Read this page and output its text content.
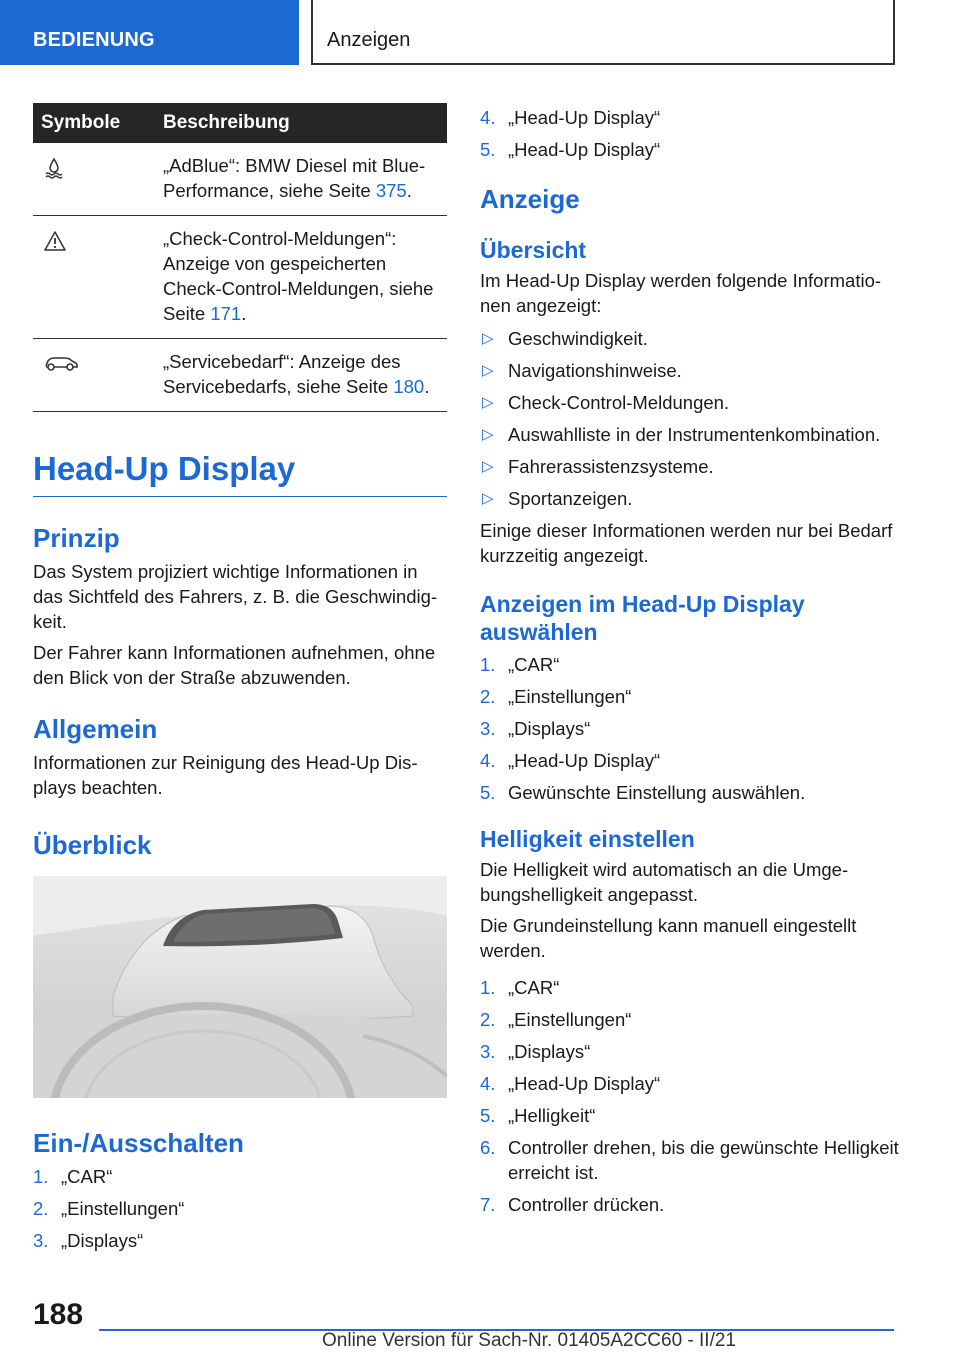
BEDIENUNG	Anzeigen
Symbole	Beschreibung
	„AdBlue“: BMW Diesel mit BluePerformance, siehe Seite 375.
	„Check-Control-Meldungen“: Anzeige von gespeicherten Check-Control-Meldungen, siehe Seite 171.
	„Servicebedarf“: Anzeige des Servicebedarfs, siehe Seite 180.
Head-Up Display
Prinzip

Das System projiziert wichtige Informationen in das Sichtfeld des Fahrers, z. B. die Geschwindigkeit.

Der Fahrer kann Informationen aufnehmen, ohne den Blick von der Straße abzuwenden.

Allgemein

Informationen zur Reinigung des Head-Up Displays beachten.

Überblick
Ein-/Ausschalten
1. „CAR“
2. „Einstellungen“
3. „Displays“
4. „Head-Up Display“
5. „Head-Up Display“
Anzeige
Übersicht

Im Head-Up Display werden folgende Informationen angezeigt:

▷ Geschwindigkeit.
▷ Navigationshinweise.
▷ Check-Control-Meldungen.
▷ Auswahlliste in der Instrumentenkombination.
▷ Fahrerassistenzsysteme.
▷ Sportanzeigen.

Einige dieser Informationen werden nur bei Bedarf kurzzeitig angezeigt.

Anzeigen im Head-Up Display auswählen
1. „CAR“
2. „Einstellungen“
3. „Displays“
4. „Head-Up Display“
5. Gewünschte Einstellung auswählen.
Helligkeit einstellen

Die Helligkeit wird automatisch an die Umgebungshelligkeit angepasst.

Die Grundeinstellung kann manuell eingestellt werden.

1. „CAR“
2. „Einstellungen“
3. „Displays“
4. „Head-Up Display“
5. „Helligkeit“
6. Controller drehen, bis die gewünschte Helligkeit erreicht ist.
7. Controller drücken.
188
Online Version für Sach-Nr. 01405A2CC60 - II/21
